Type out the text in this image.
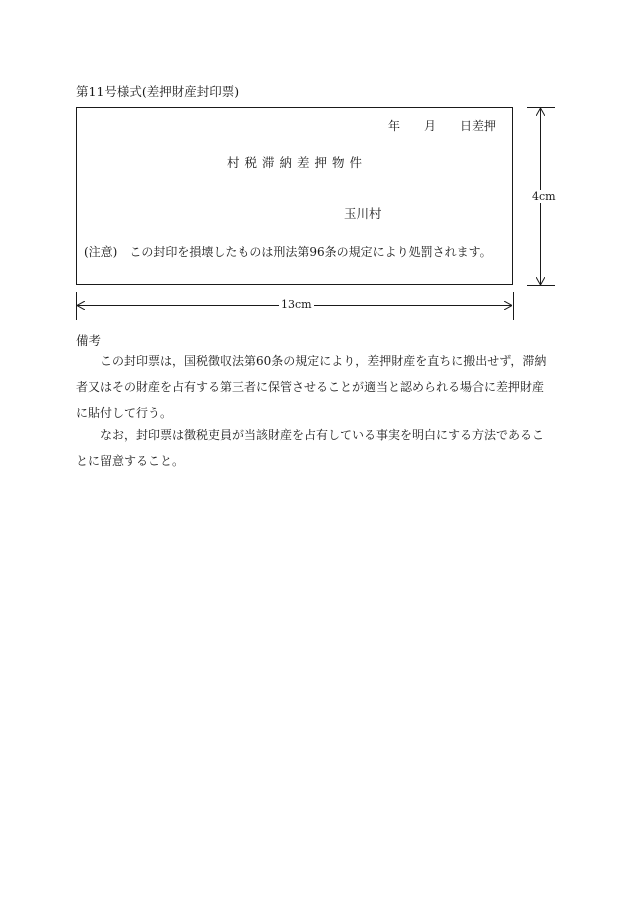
第11号様式(差押財産封印票)
年　　月　　日差押
村税滞納差押物件
玉川村
(注意)　この封印を損壊したものは刑法第96条の規定により処罰されます。
4cm
13cm
備考

この封印票は，国税徴収法第60条の規定により，差押財産を直ちに搬出せず，滞納者又はその財産を占有する第三者に保管させることが適当と認められる場合に差押財産に貼付して行う。

なお，封印票は徴税吏員が当該財産を占有している事実を明白にする方法であることに留意すること。
